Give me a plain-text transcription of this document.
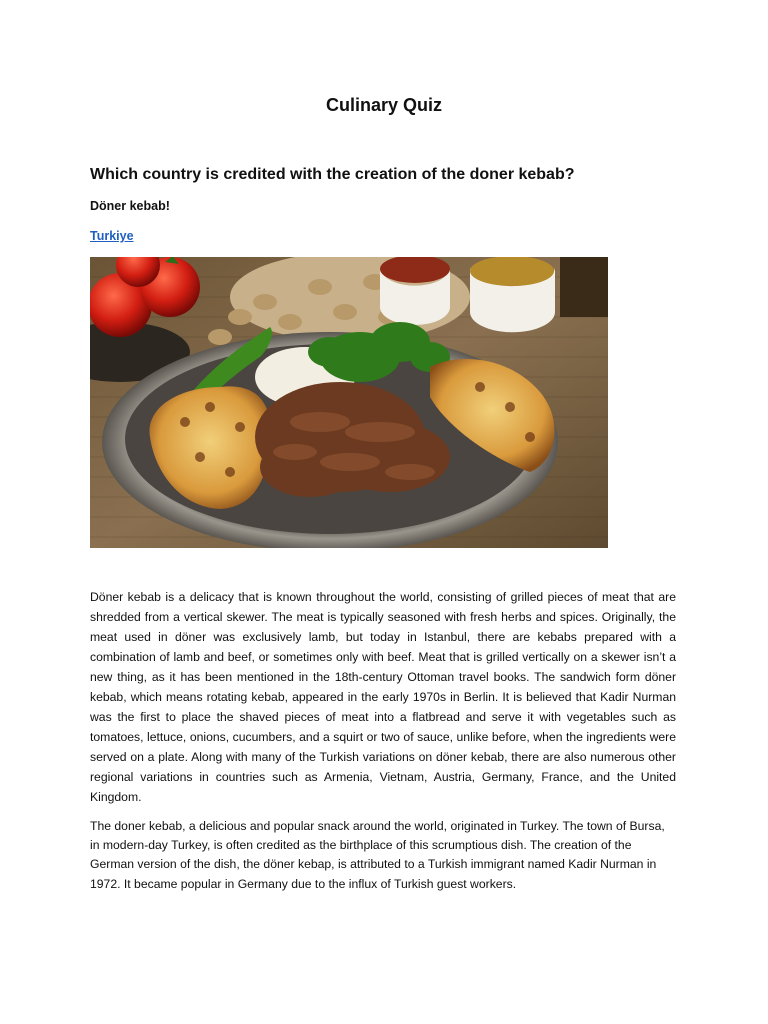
Culinary Quiz
Which country is credited with the creation of the doner kebab?
Döner kebab!
Turkiye

Döner kebab is a delicacy that is known throughout the world, consisting of grilled pieces of meat that are shredded from a vertical skewer. The meat is typically seasoned with fresh herbs and spices. Originally, the meat used in döner was exclusively lamb, but today in Istanbul, there are kebabs prepared with a combination of lamb and beef, or sometimes only with beef. Meat that is grilled vertically on a skewer isn’t a new thing, as it has been mentioned in the 18th-century Ottoman travel books. The sandwich form döner kebab, which means rotating kebab, appeared in the early 1970s in Berlin. It is believed that Kadir Nurman was the first to place the shaved pieces of meat into a flatbread and serve it with vegetables such as tomatoes, lettuce, onions, cucumbers, and a squirt or two of sauce, unlike before, when the ingredients were served on a plate. Along with many of the Turkish variations on döner kebab, there are also numerous other regional variations in countries such as Armenia, Vietnam, Austria, Germany, France, and the United Kingdom.

The doner kebab, a delicious and popular snack around the world, originated in Turkey. The town of Bursa, in modern-day Turkey, is often credited as the birthplace of this scrumptious dish. The creation of the German version of the dish, the döner kebap, is attributed to a Turkish immigrant named Kadir Nurman in 1972. It became popular in Germany due to the influx of Turkish guest workers.
